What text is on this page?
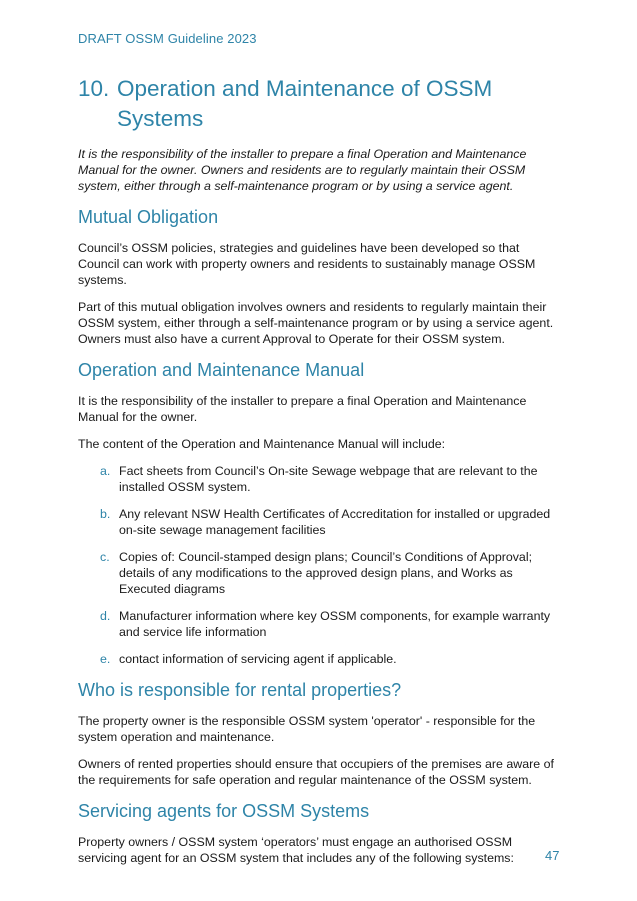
DRAFT OSSM Guideline 2023
10. Operation and Maintenance of OSSM Systems

It is the responsibility of the installer to prepare a final Operation and Maintenance Manual for the owner. Owners and residents are to regularly maintain their OSSM system, either through a self-maintenance program or by using a service agent.

Mutual Obligation

Council’s OSSM policies, strategies and guidelines have been developed so that Council can work with property owners and residents to sustainably manage OSSM systems.

Part of this mutual obligation involves owners and residents to regularly maintain their OSSM system, either through a self-maintenance program or by using a service agent. Owners must also have a current Approval to Operate for their OSSM system.

Operation and Maintenance Manual

It is the responsibility of the installer to prepare a final Operation and Maintenance Manual for the owner.

The content of the Operation and Maintenance Manual will include:

a. Fact sheets from Council’s On-site Sewage webpage that are relevant to the installed OSSM system.
b. Any relevant NSW Health Certificates of Accreditation for installed or upgraded on-site sewage management facilities
c. Copies of: Council-stamped design plans; Council’s Conditions of Approval; details of any modifications to the approved design plans, and Works as Executed diagrams
d. Manufacturer information where key OSSM components, for example warranty and service life information
e. contact information of servicing agent if applicable.
Who is responsible for rental properties?

The property owner is the responsible OSSM system 'operator' - responsible for the system operation and maintenance.

Owners of rented properties should ensure that occupiers of the premises are aware of the requirements for safe operation and regular maintenance of the OSSM system.

Servicing agents for OSSM Systems

Property owners / OSSM system ‘operators’ must engage an authorised OSSM servicing agent for an OSSM system that includes any of the following systems:	47
